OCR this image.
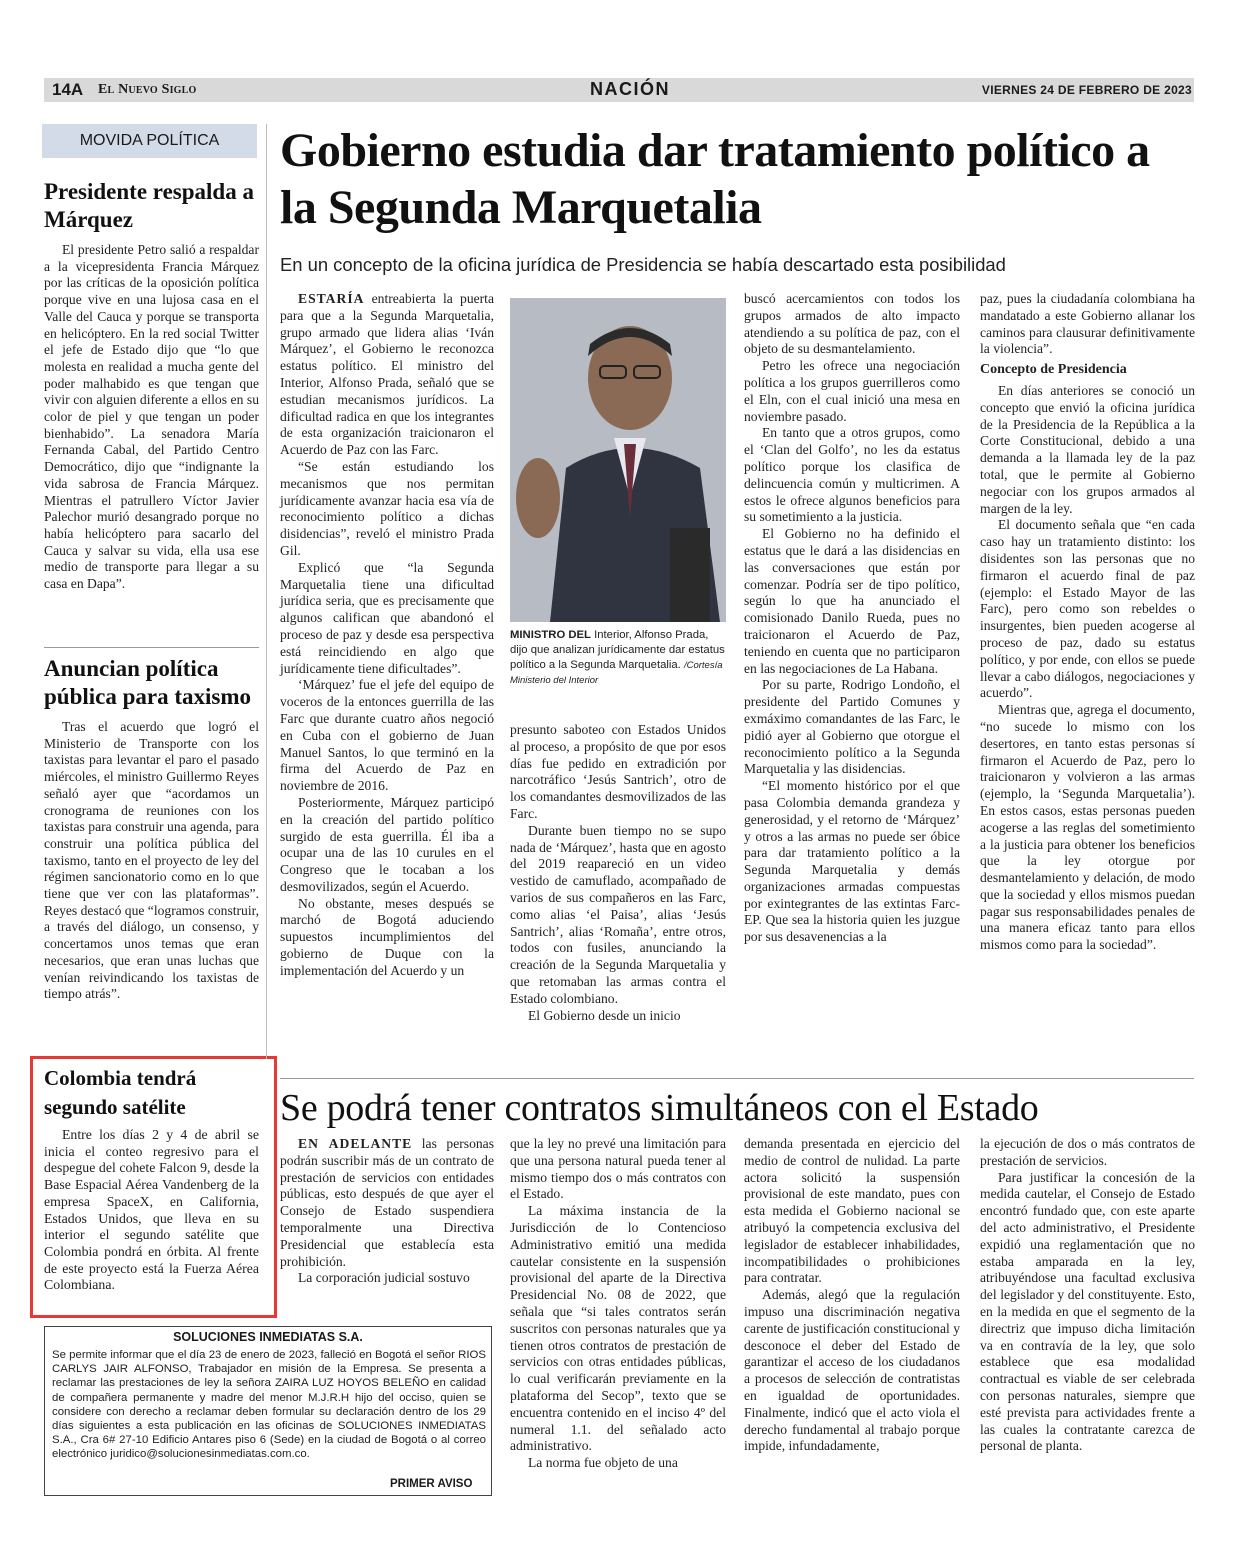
14A El Nuevo Siglo	NACIÓN	VIERNES 24 DE FEBRERO DE 2023
MOVIDA POLÍTICA
Presidente respalda a Márquez

El presidente Petro salió a respaldar a la vicepresidenta Francia Márquez por las críticas de la oposición política porque vive en una lujosa casa en el Valle del Cauca y porque se transporta en helicóptero. En la red social Twitter el jefe de Estado dijo que “lo que molesta en realidad a mucha gente del poder malhabido es que tengan que vivir con alguien diferente a ellos en su color de piel y que tengan un poder bienhabido”. La senadora María Fernanda Cabal, del Partido Centro Democrático, dijo que “indignante la vida sabrosa de Francia Márquez. Mientras el patrullero Víctor Javier Palechor murió desangrado porque no había helicóptero para sacarlo del Cauca y salvar su vida, ella usa ese medio de transporte para llegar a su casa en Dapa”.

Anuncian política pública para taxismo

Tras el acuerdo que logró el Ministerio de Transporte con los taxistas para levantar el paro el pasado miércoles, el ministro Guillermo Reyes señaló ayer que “acordamos un cronograma de reuniones con los taxistas para construir una agenda, para construir una política pública del taxismo, tanto en el proyecto de ley del régimen sancionatorio como en lo que tiene que ver con las plataformas”. Reyes destacó que “logramos construir, a través del diálogo, un consenso, y concertamos unos temas que eran necesarios, que eran unas luchas que venían reivindicando los taxistas de tiempo atrás”.

Colombia tendrá segundo satélite

Entre los días 2 y 4 de abril se inicia el conteo regresivo para el despegue del cohete Falcon 9, desde la Base Espacial Aérea Vandenberg de la empresa SpaceX, en California, Estados Unidos, que lleva en su interior el segundo satélite que Colombia pondrá en órbita. Al frente de este proyecto está la Fuerza Aérea Colombiana.

Gobierno estudia dar tratamiento político a la Segunda Marquetalia
En un concepto de la oficina jurídica de Presidencia se había descartado esta posibilidad

ESTARÍA entreabierta la puerta para que a la Segunda Marquetalia, grupo armado que lidera alias ‘Iván Márquez’, el Gobierno le reconozca estatus político. El ministro del Interior, Alfonso Prada, señaló que se estudian mecanismos jurídicos. La dificultad radica en que los integrantes de esta organización traicionaron el Acuerdo de Paz con las Farc.

“Se están estudiando los mecanismos que nos permitan jurídicamente avanzar hacia esa vía de reconocimiento político a dichas disidencias”, reveló el ministro Prada Gil.

Explicó que “la Segunda Marquetalia tiene una dificultad jurídica seria, que es precisamente que algunos califican que abandonó el proceso de paz y desde esa perspectiva está reincidiendo en algo que jurídicamente tiene dificultades”.

‘Márquez’ fue el jefe del equipo de voceros de la entonces guerrilla de las Farc que durante cuatro años negoció en Cuba con el gobierno de Juan Manuel Santos, lo que terminó en la firma del Acuerdo de Paz en noviembre de 2016.

Posteriormente, Márquez participó en la creación del partido político surgido de esta guerrilla. Él iba a ocupar una de las 10 curules en el Congreso que le tocaban a los desmovilizados, según el Acuerdo.

No obstante, meses después se marchó de Bogotá aduciendo supuestos incumplimientos del gobierno de Duque con la implementación del Acuerdo y un

MINISTRO DEL Interior, Alfonso Prada, dijo que analizan jurídicamente dar estatus político a la Segunda Marquetalia. /Cortesía Ministerio del Interior

presunto saboteo con Estados Unidos al proceso, a propósito de que por esos días fue pedido en extradición por narcotráfico ‘Jesús Santrich’, otro de los comandantes desmovilizados de las Farc.

Durante buen tiempo no se supo nada de ‘Márquez’, hasta que en agosto del 2019 reapareció en un video vestido de camuflado, acompañado de varios de sus compañeros en las Farc, como alias ‘el Paisa’, alias ‘Jesús Santrich’, alias ‘Romaña’, entre otros, todos con fusiles, anunciando la creación de la Segunda Marquetalia y que retomaban las armas contra el Estado colombiano.

El Gobierno desde un inicio

buscó acercamientos con todos los grupos armados de alto impacto atendiendo a su política de paz, con el objeto de su desmantelamiento.

Petro les ofrece una negociación política a los grupos guerrilleros como el Eln, con el cual inició una mesa en noviembre pasado.

En tanto que a otros grupos, como el ‘Clan del Golfo’, no les da estatus político porque los clasifica de delincuencia común y multicrimen. A estos le ofrece algunos beneficios para su sometimiento a la justicia.

El Gobierno no ha definido el estatus que le dará a las disidencias en las conversaciones que están por comenzar. Podría ser de tipo político, según lo que ha anunciado el comisionado Danilo Rueda, pues no traicionaron el Acuerdo de Paz, teniendo en cuenta que no participaron en las negociaciones de La Habana.

Por su parte, Rodrigo Londoño, el presidente del Partido Comunes y exmáximo comandantes de las Farc, le pidió ayer al Gobierno que otorgue el reconocimiento político a la Segunda Marquetalia y las disidencias.

“El momento histórico por el que pasa Colombia demanda grandeza y generosidad, y el retorno de ‘Márquez’ y otros a las armas no puede ser óbice para dar tratamiento político a la Segunda Marquetalia y demás organizaciones armadas compuestas por exintegrantes de las extintas Farc-EP. Que sea la historia quien les juzgue por sus desavenencias a la

paz, pues la ciudadanía colombiana ha mandatado a este Gobierno allanar los caminos para clausurar definitivamente la violencia”.

Concepto de Presidencia

En días anteriores se conoció un concepto que envió la oficina jurídica de la Presidencia de la República a la Corte Constitucional, debido a una demanda a la llamada ley de la paz total, que le permite al Gobierno negociar con los grupos armados al margen de la ley.

El documento señala que “en cada caso hay un tratamiento distinto: los disidentes son las personas que no firmaron el acuerdo final de paz (ejemplo: el Estado Mayor de las Farc), pero como son rebeldes o insurgentes, bien pueden acogerse al proceso de paz, dado su estatus político, y por ende, con ellos se puede llevar a cabo diálogos, negociaciones y acuerdo”.

Mientras que, agrega el documento, “no sucede lo mismo con los desertores, en tanto estas personas sí firmaron el Acuerdo de Paz, pero lo traicionaron y volvieron a las armas (ejemplo, la ‘Segunda Marquetalia’). En estos casos, estas personas pueden acogerse a las reglas del sometimiento a la justicia para obtener los beneficios que la ley otorgue por desmantelamiento y delación, de modo que la sociedad y ellos mismos puedan pagar sus responsabilidades penales de una manera eficaz tanto para ellos mismos como para la sociedad”.

Se podrá tener contratos simultáneos con el Estado

EN ADELANTE las personas podrán suscribir más de un contrato de prestación de servicios con entidades públicas, esto después de que ayer el Consejo de Estado suspendiera temporalmente una Directiva Presidencial que establecía esta prohibición.

La corporación judicial sostuvo

que la ley no prevé una limitación para que una persona natural pueda tener al mismo tiempo dos o más contratos con el Estado.

La máxima instancia de la Jurisdicción de lo Contencioso Administrativo emitió una medida cautelar consistente en la suspensión provisional del aparte de la Directiva Presidencial No. 08 de 2022, que señala que “si tales contratos serán suscritos con personas naturales que ya tienen otros contratos de prestación de servicios con otras entidades públicas, lo cual verificarán previamente en la plataforma del Secop”, texto que se encuentra contenido en el inciso 4º del numeral 1.1. del señalado acto administrativo.

La norma fue objeto de una

demanda presentada en ejercicio del medio de control de nulidad. La parte actora solicitó la suspensión provisional de este mandato, pues con esta medida el Gobierno nacional se atribuyó la competencia exclusiva del legislador de establecer inhabilidades, incompatibilidades o prohibiciones para contratar.

Además, alegó que la regulación impuso una discriminación negativa carente de justificación constitucional y desconoce el deber del Estado de garantizar el acceso de los ciudadanos a procesos de selección de contratistas en igualdad de oportunidades. Finalmente, indicó que el acto viola el derecho fundamental al trabajo porque impide, infundadamente,

la ejecución de dos o más contratos de prestación de servicios.

Para justificar la concesión de la medida cautelar, el Consejo de Estado encontró fundado que, con este aparte del acto administrativo, el Presidente expidió una reglamentación que no estaba amparada en la ley, atribuyéndose una facultad exclusiva del legislador y del constituyente. Esto, en la medida en que el segmento de la directriz que impuso dicha limitación va en contravía de la ley, que solo establece que esa modalidad contractual es viable de ser celebrada con personas naturales, siempre que esté prevista para actividades frente a las cuales la contratante carezca de personal de planta.

SOLUCIONES INMEDIATAS S.A.
Se permite informar que el día 23 de enero de 2023, falleció en Bogotá el señor RIOS CARLYS JAIR ALFONSO, Trabajador en misión de la Empresa. Se presenta a reclamar las prestaciones de ley la señora ZAIRA LUZ HOYOS BELEÑO en calidad de compañera permanente y madre del menor M.J.R.H hijo del occiso, quien se considere con derecho a reclamar deben formular su declaración dentro de los 29 días siguientes a esta publicación en las oficinas de SOLUCIONES INMEDIATAS S.A., Cra 6# 27-10 Edificio Antares piso 6 (Sede) en la ciudad de Bogotá o al correo electrónico juridico@solucionesinmediatas.com.co.
PRIMER AVISO
